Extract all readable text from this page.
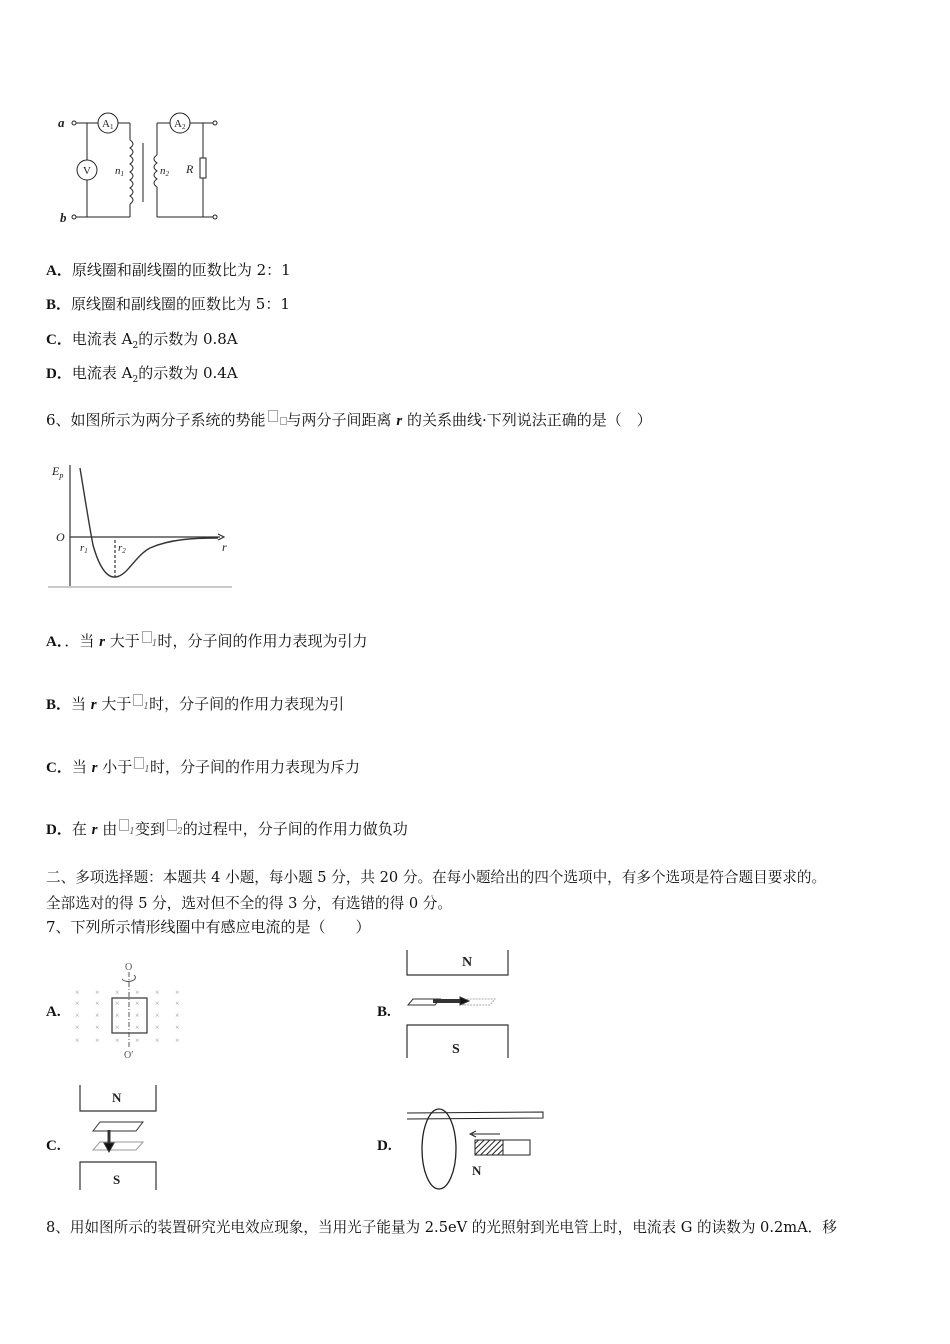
a
b
A1	A2
V n1	n2 R
$E_p$
O
r1	r2	r
×
×
×
×
×
×
×
×
×
×
×
×
×
×
×
×
×
×
×
×
×
×
×
×
×
×
×
×
×
×
O
O′
N
S
N
S
N
A．原线圈和副线圈的匝数比为 2：1
B．原线圈和副线圈的匝数比为 5：1
C．电流表 $A_2$的示数为 0.8A
D．电流表 $A_2$的示数为 0.4A
6、如图所示为两分子系统的势能 与两分子间距离 r 的关系曲线·下列说法正确的是（　）
A．．当 r 大于 1时，分子间的作用力表现为引力
B．当 r 大于 1时，分子间的作用力表现为引
C．当 r 小于 1时，分子间的作用力表现为斥力
D．在 r 由 1变到 2的过程中，分子间的作用力做负功
二、多项选择题：本题共 4 小题，每小题 5 分，共 20 分。在每小题给出的四个选项中，有多个选项是符合题目要求的。
全部选对的得 5 分，选对但不全的得 3 分，有选错的得 0 分。
7、下列所示情形线圈中有感应电流的是（　　）
A.	B.
C.	D.
8、用如图所示的装置研究光电效应现象，当用光子能量为 2.5eV 的光照射到光电管上时，电流表 G 的读数为 0.2mA．移
